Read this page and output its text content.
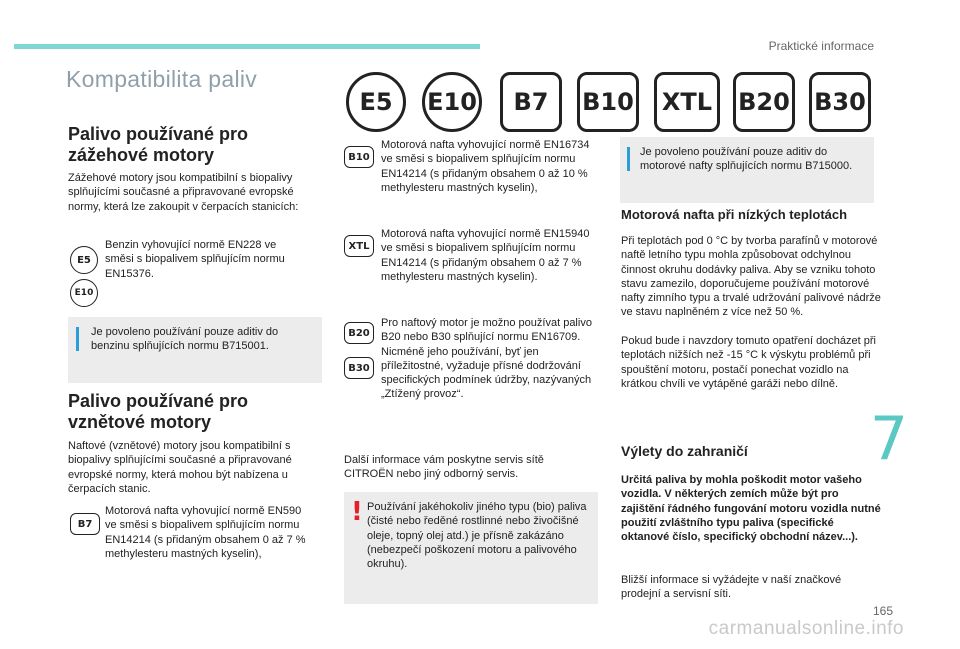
Praktické informace
Kompatibilita paliv
E5	E10	B7	B10	XTL	B20 B30
Palivo používané pro zážehové motory
Zážehové motory jsou kompatibilní s biopalivy splňujícími současné a připravované evropské normy, která lze zakoupit v čerpacích stanicích:
E5
E10
Benzin vyhovující normě EN228 ve směsi s biopalivem splňujícím normu EN15376.
Je povoleno používání pouze aditiv do benzinu splňujících normu B715001.
Palivo používané pro vznětové motory
Naftové (vznětové) motory jsou kompatibilní s biopalivy splňujícími současné a připravované evropské normy, která mohou být nabízena u čerpacích stanic.
B7
Motorová nafta vyhovující normě EN590 ve směsi s biopalivem splňujícím normu EN14214 (s přidaným obsahem 0 až 7 % methylesteru mastných kyselin),
B10
Motorová nafta vyhovující normě EN16734 ve směsi s biopalivem splňujícím normu EN14214 (s přidaným obsahem 0 až 10 % methylesteru mastných kyselin),
XTL
Motorová nafta vyhovující normě EN15940 ve směsi s biopalivem splňujícím normu EN14214 (s přidaným obsahem 0 až 7 % methylesteru mastných kyselin).
B20
B30
Pro naftový motor je možno používat palivo B20 nebo B30 splňující normu EN16709. Nicméně jeho používání, byť jen příležitostné, vyžaduje přísné dodržování specifických podmínek údržby, nazývaných „Ztížený provoz“.
Další informace vám poskytne servis sítě CITROËN nebo jiný odborný servis.
! Používání jakéhokoliv jiného typu (bio) paliva (čisté nebo ředěné rostlinné nebo živočišné oleje, topný olej atd.) je přísně zakázáno (nebezpečí poškození motoru a palivového okruhu).
Je povoleno používání pouze aditiv do motorové nafty splňujících normu B715000.
Motorová nafta při nízkých teplotách
Při teplotách pod 0 °C by tvorba parafínů v motorové naftě letního typu mohla způsobovat odchylnou činnost okruhu dodávky paliva. Aby se vzniku tohoto stavu zamezilo, doporučujeme používání motorové nafty zimního typu a trvalé udržování palivové nádrže ve stavu naplněném z více než 50 %.
Pokud bude i navzdory tomuto opatření docházet při teplotách nižších než -15 °C k výskytu problémů při spouštění motoru, postačí ponechat vozidlo na krátkou chvíli ve vytápěné garáži nebo dílně.
Výlety do zahraničí
Určitá paliva by mohla poškodit motor vašeho vozidla. V některých zemích může být pro zajištění řádného fungování motoru vozidla nutné použití zvláštního typu paliva (specifické oktanové číslo, specifický obchodní název...).
Bližší informace si vyžádejte v naší značkové prodejní a servisní síti.
7
165
carmanualsonline.info
